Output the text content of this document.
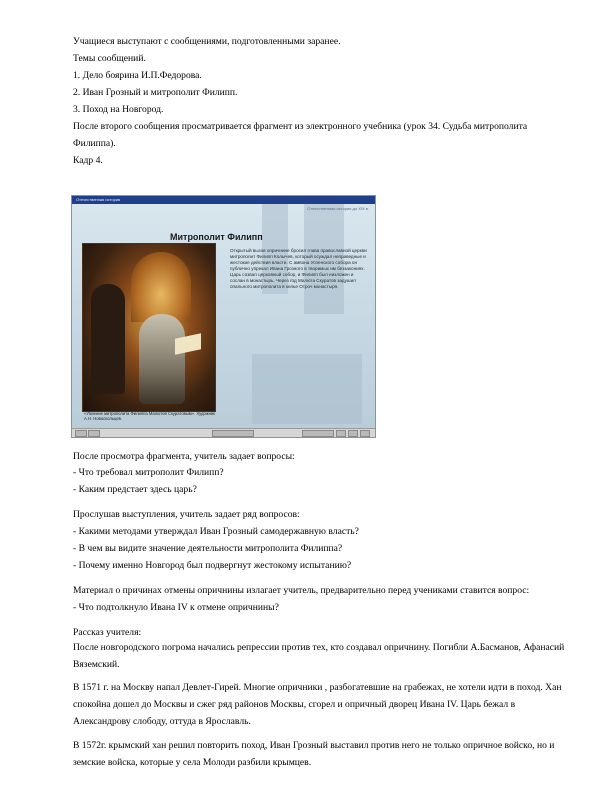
Учащиеся выступают с сообщениями, подготовленными заранее.
Темы сообщений.
1. Дело боярина И.П.Федорова.
2. Иван Грозный и митрополит Филипп.
3. Поход на Новгород.
После второго сообщения просматривается фрагмент из электронного учебника (урок 34. Судьба митрополита
Филиппа).
Кадр 4.
Отечественная история
Отечественная история до XIX в.
Митрополит Филипп
«Убиение митрополита Филиппа Малютой Скуратовым». Художник А.Н. Новоскольцев.
Открытый вызов опричнине бросил глава православной церкви митрополит Филипп Колычев, который осуждал неправедные и жестокие действия власти. С амвона Успенского собора он публично упрекал Ивана Грозного в творимых им беззакониях. Царь созвал церковный собор, и Филипп был низложен и сослан в монастырь. Через год Малюта Скуратов задушил опального митрополита в келье Отроч монастыря.
После просмотра фрагмента, учитель задает вопросы:
- Что требовал митрополит Филипп?
- Каким предстает здесь царь?
Прослушав выступления, учитель задает ряд вопросов:
- Какими методами утверждал Иван Грозный самодержавную власть?
- В чем вы видите значение деятельности митрополита Филиппа?
- Почему именно Новгород был подвергнут жестокому испытанию?
Материал о причинах отмены опричнины излагает учитель, предварительно перед учениками ставится вопрос:
- Что подтолкнуло Ивана IV к отмене опричнины?
Рассказ учителя:
После новгородского погрома начались репрессии против тех, кто создавал опричнину. Погибли А.Басманов, Афанасий Вяземский.
В 1571 г. на Москву напал Девлет-Гирей. Многие опричники , разбогатевшие на грабежах, не хотели идти в поход. Хан спокойна дошел до Москвы и сжег ряд районов Москвы, сгорел и опричный дворец Ивана IV. Царь бежал в Александрову слободу, оттуда в Ярославль.
В 1572г. крымский хан решил повторить поход, Иван Грозный выставил против него не только опричное войско, но и земские войска, которые у села Молоди разбили крымцев.
